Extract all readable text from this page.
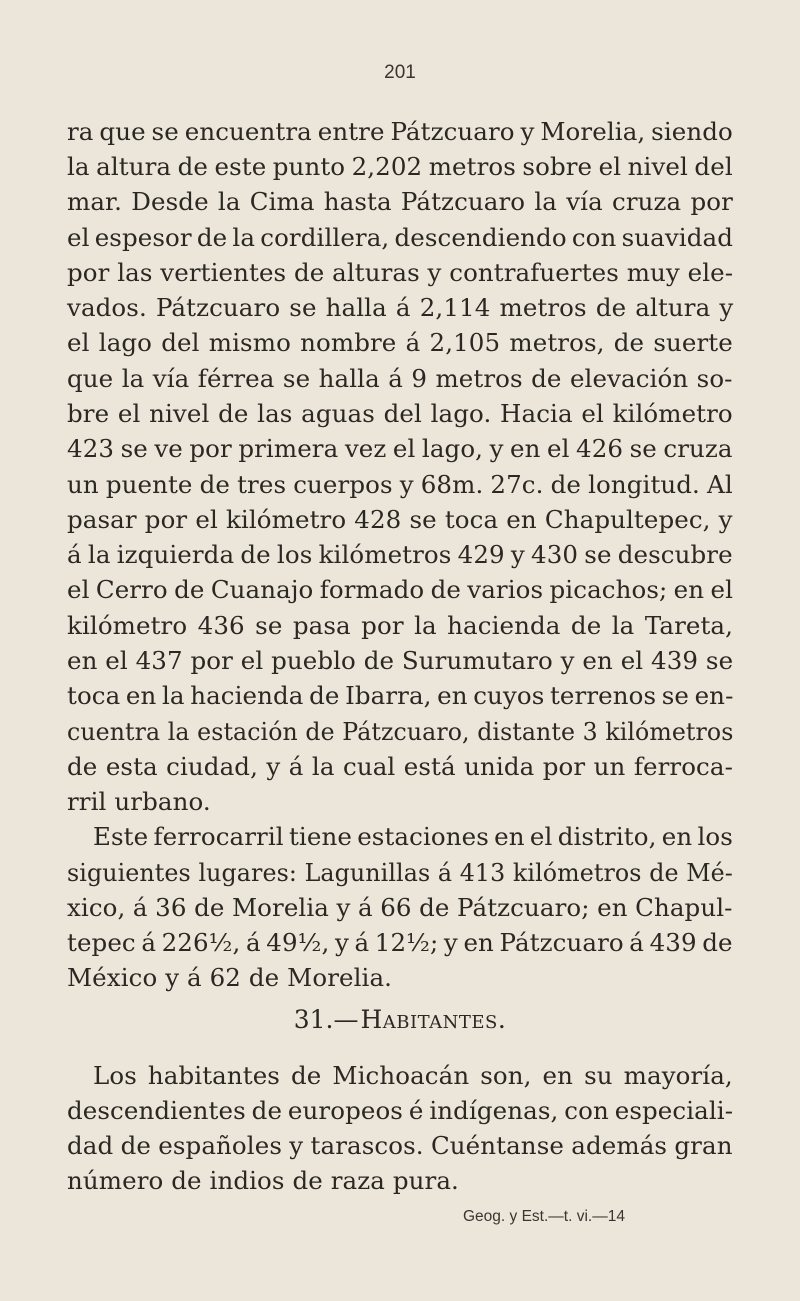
201
ra que se encuentra entre Pátzcuaro y Morelia, siendo
la altura de este punto 2,202 metros sobre el nivel del
mar. Desde la Cima hasta Pátzcuaro la vía cruza por
el espesor de la cordillera, descendiendo con suavidad
por las vertientes de alturas y contrafuertes muy ele-
vados. Pátzcuaro se halla á 2,114 metros de altura y
el lago del mismo nombre á 2,105 metros, de suerte
que la vía férrea se halla á 9 metros de elevación so-
bre el nivel de las aguas del lago. Hacia el kilómetro
423 se ve por primera vez el lago, y en el 426 se cruza
un puente de tres cuerpos y 68m. 27c. de longitud. Al
pasar por el kilómetro 428 se toca en Chapultepec, y
á la izquierda de los kilómetros 429 y 430 se descubre
el Cerro de Cuanajo formado de varios picachos; en el
kilómetro 436 se pasa por la hacienda de la Tareta,
en el 437 por el pueblo de Surumutaro y en el 439 se
toca en la hacienda de Ibarra, en cuyos terrenos se en-
cuentra la estación de Pátzcuaro, distante 3 kilómetros
de esta ciudad, y á la cual está unida por un ferroca-
rril urbano.
Este ferrocarril tiene estaciones en el distrito, en los
siguientes lugares: Lagunillas á 413 kilómetros de Mé-
xico, á 36 de Morelia y á 66 de Pátzcuaro; en Chapul-
tepec á 226½, á 49½, y á 12½; y en Pátzcuaro á 439 de
México y á 62 de Morelia.
31.—Habitantes.
Los habitantes de Michoacán son, en su mayoría,
descendientes de europeos é indígenas, con especiali-
dad de españoles y tarascos. Cuéntanse además gran
número de indios de raza pura.
Geog. y Est.—t. vi.—14
